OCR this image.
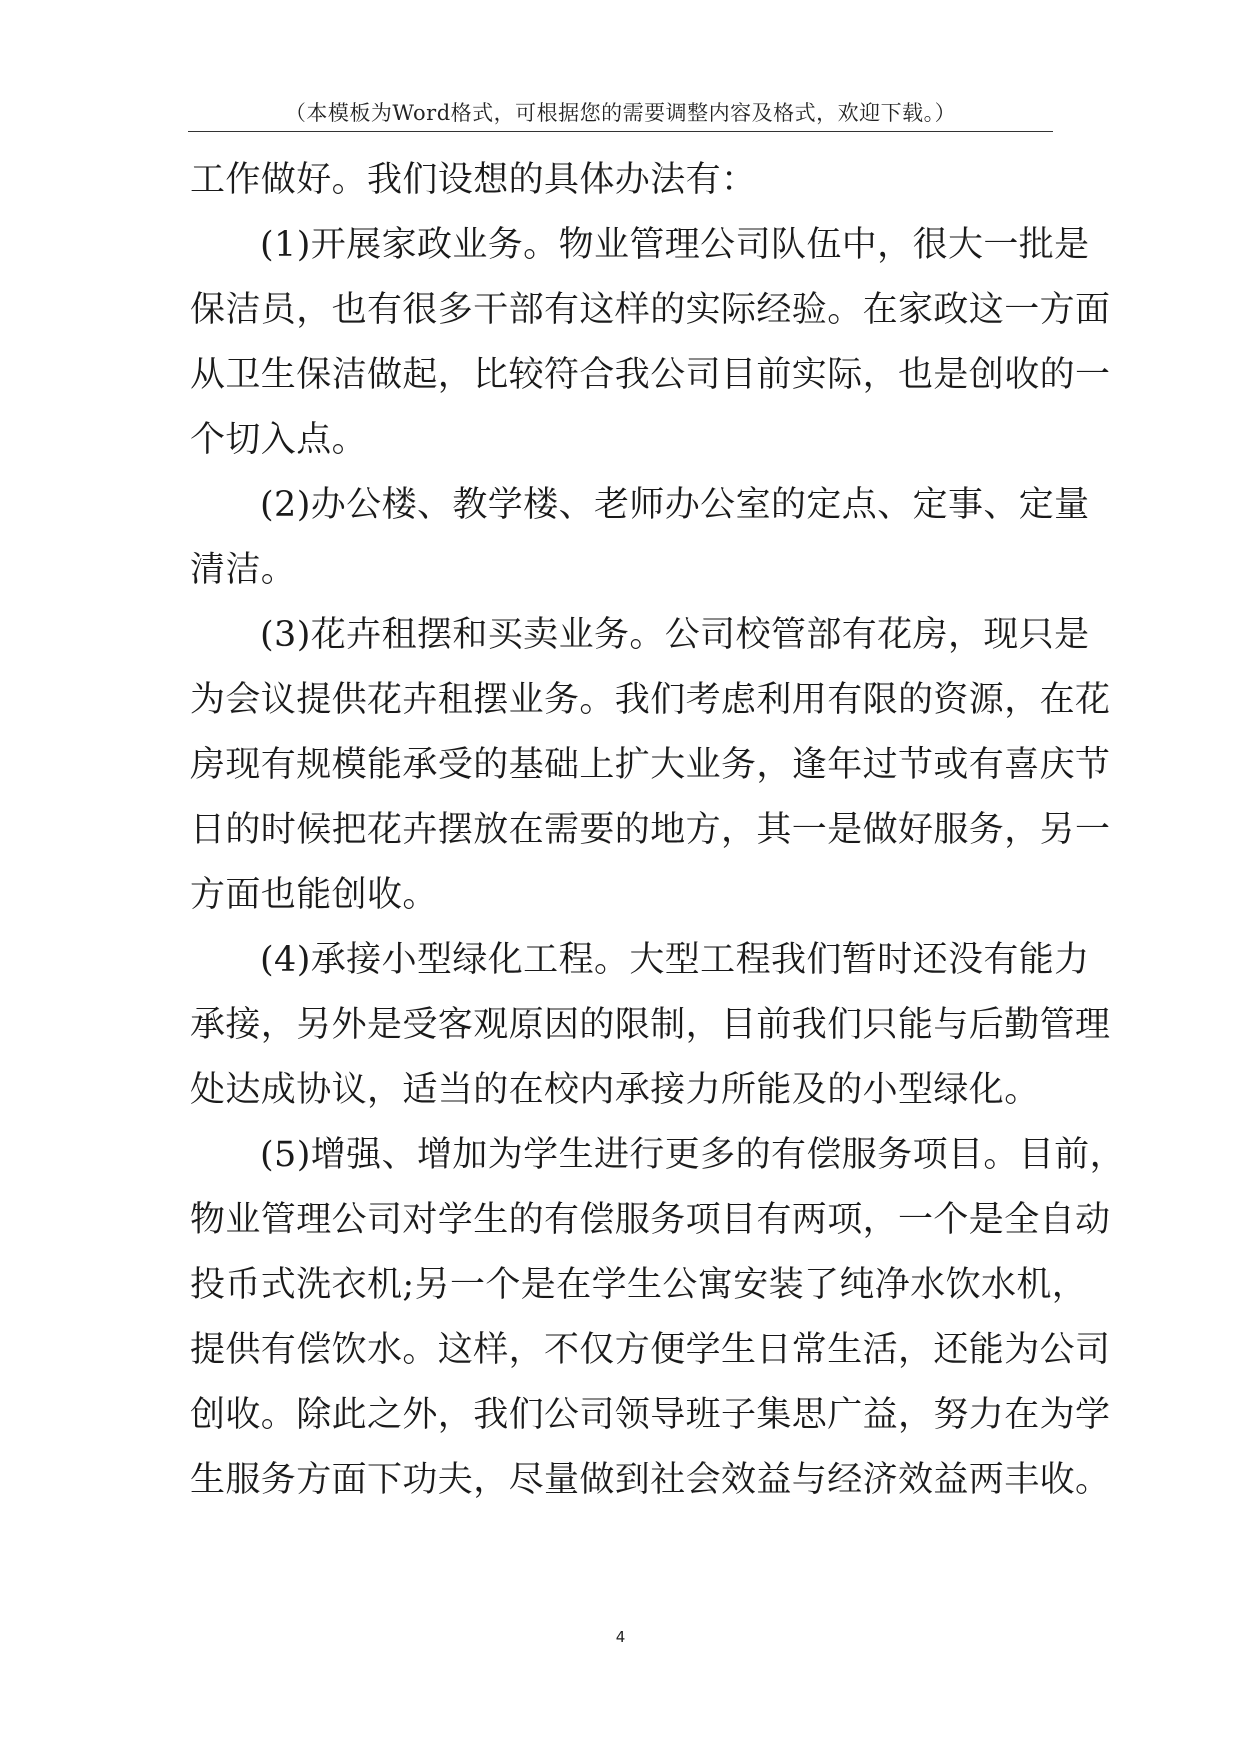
（本模板为Word格式，可根据您的需要调整内容及格式，欢迎下载。）
工作做好。我们设想的具体办法有：
(1)开展家政业务。物业管理公司队伍中，很大一批是
保洁员，也有很多干部有这样的实际经验。在家政这一方面
从卫生保洁做起，比较符合我公司目前实际，也是创收的一
个切入点。
(2)办公楼、教学楼、老师办公室的定点、定事、定量
清洁。
(3)花卉租摆和买卖业务。公司校管部有花房，现只是
为会议提供花卉租摆业务。我们考虑利用有限的资源，在花
房现有规模能承受的基础上扩大业务，逢年过节或有喜庆节
日的时候把花卉摆放在需要的地方，其一是做好服务，另一
方面也能创收。
(4)承接小型绿化工程。大型工程我们暂时还没有能力
承接，另外是受客观原因的限制，目前我们只能与后勤管理
处达成协议，适当的在校内承接力所能及的小型绿化。
(5)增强、增加为学生进行更多的有偿服务项目。目前，
物业管理公司对学生的有偿服务项目有两项，一个是全自动
投币式洗衣机;另一个是在学生公寓安装了纯净水饮水机，
提供有偿饮水。这样，不仅方便学生日常生活，还能为公司
创收。除此之外，我们公司领导班子集思广益，努力在为学
生服务方面下功夫，尽量做到社会效益与经济效益两丰收。
4
